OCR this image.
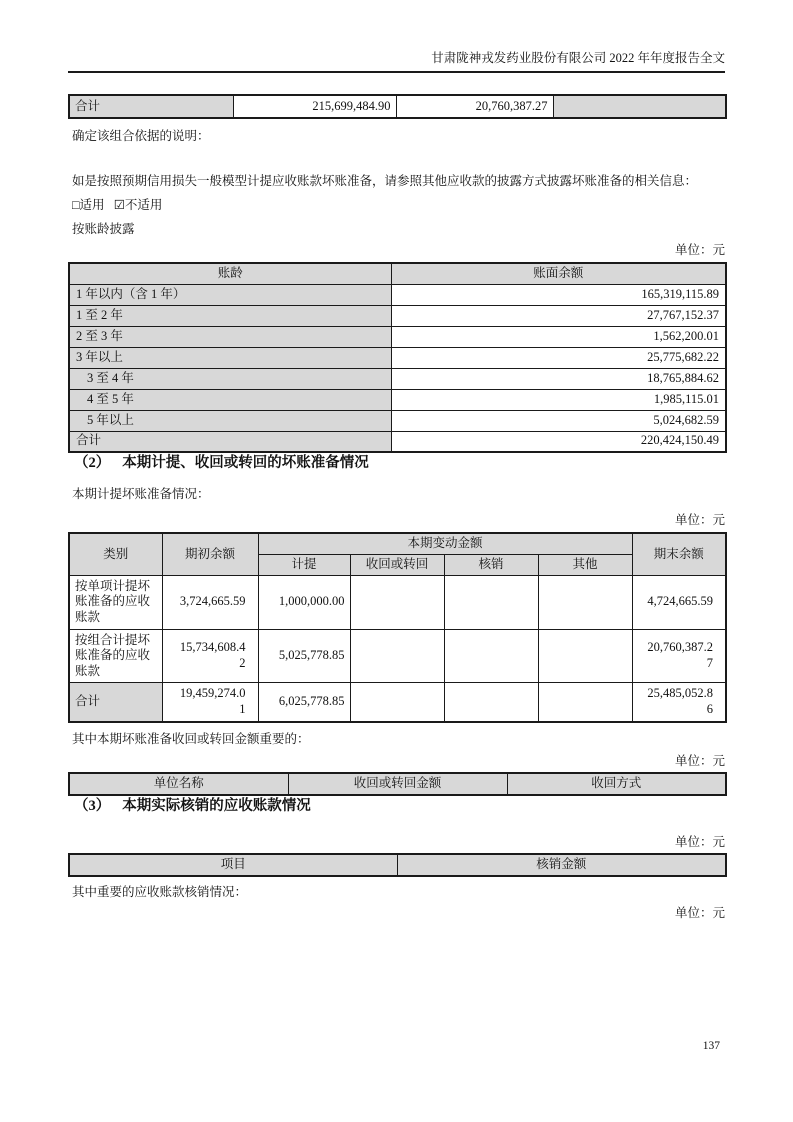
甘肃陇神戎发药业股份有限公司 2022 年年度报告全文
合计	215,699,484.90	20,760,387.27	

确定该组合依据的说明：

如是按照预期信用损失一般模型计提应收账款坏账准备，请参照其他应收款的披露方式披露坏账准备的相关信息：

□适用 ☑不适用

按账龄披露

单位：元

账龄	账面余额
1 年以内（含 1 年）	165,319,115.89
1 至 2 年	27,767,152.37
2 至 3 年	1,562,200.01
3 年以上	25,775,682.22
3 至 4 年	18,765,884.62
4 至 5 年	1,985,115.01
5 年以上	5,024,682.59
合计	220,424,150.49
（2） 本期计提、收回或转回的坏账准备情况

本期计提坏账准备情况：

单位：元

类别	期初余额	本期变动金额				期末余额
		计提	收回或转回	核销	其他	
按单项计提坏账准备的应收账款	3,724,665.59	1,000,000.00				4,724,665.59
按组合计提坏账准备的应收账款	15,734,608.42	5,025,778.85				20,760,387.27
合计	19,459,274.01	6,025,778.85				25,485,052.86

其中本期坏账准备收回或转回金额重要的：

单位：元

单位名称	收回或转回金额	收回方式
（3） 本期实际核销的应收账款情况

单位：元

项目	核销金额

其中重要的应收账款核销情况：

单位：元

137
